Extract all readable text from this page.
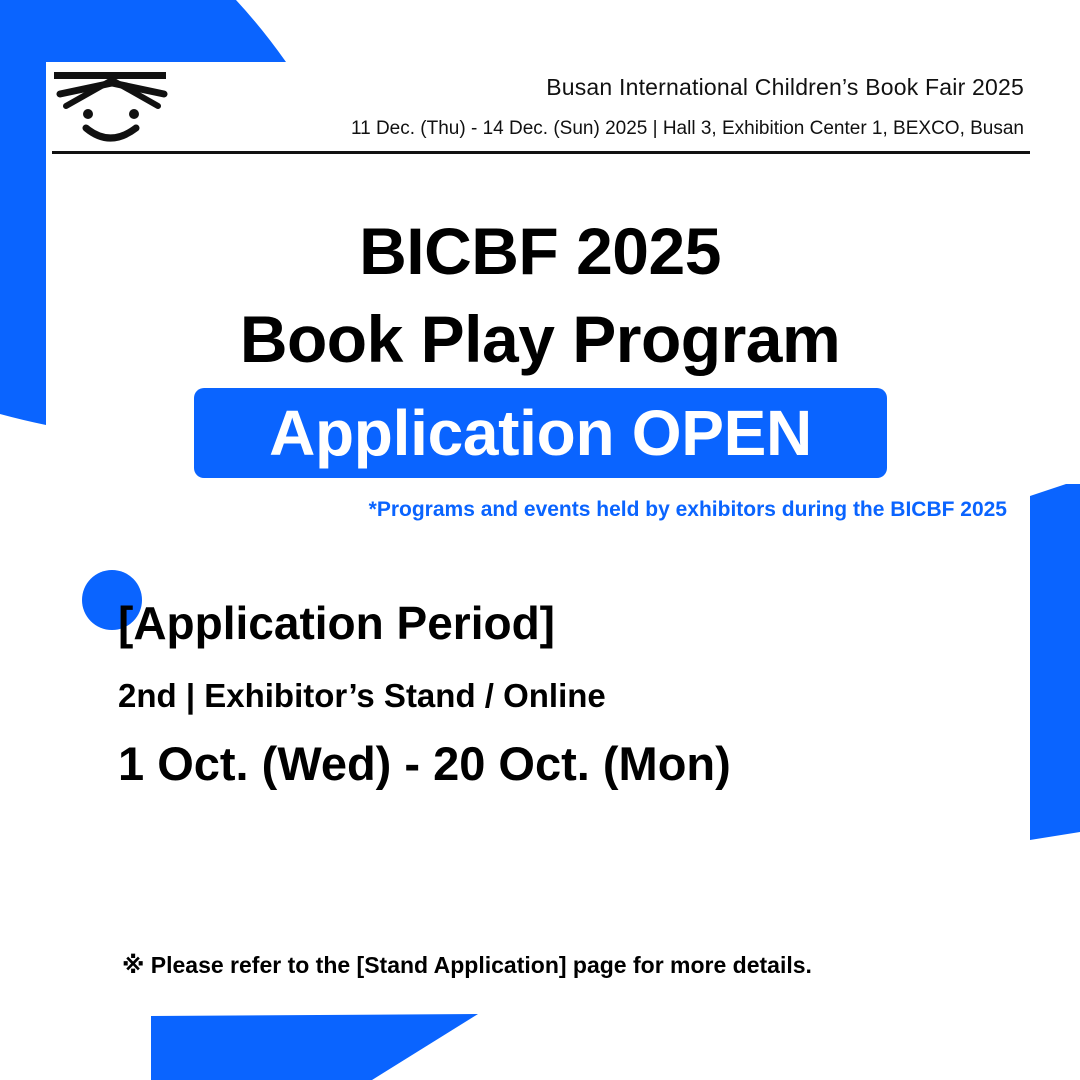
Busan International Children’s Book Fair 2025

11 Dec. (Thu) - 14 Dec. (Sun) 2025 | Hall 3, Exhibition Center 1, BEXCO, Busan

BICBF 2025

Book Play Program

Application OPEN

*Programs and events held by exhibitors during the BICBF 2025

[Application Period]

2nd | Exhibitor’s Stand / Online

1 Oct. (Wed) - 20 Oct. (Mon)

※ Please refer to the [Stand Application] page for more details.
